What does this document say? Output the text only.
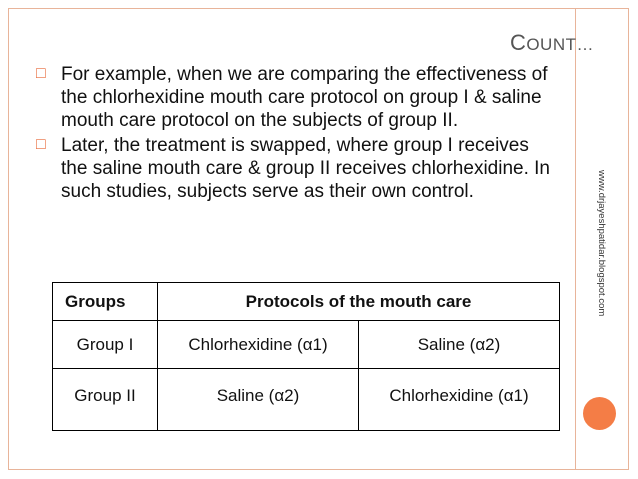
COUNT…
□ For example, when we are comparing the effectiveness of the chlorhexidine mouth care protocol on group I & saline mouth care protocol on the subjects of group II.
□ Later, the treatment is swapped, where group I receives the saline mouth care & group II receives chlorhexidine. In such studies, subjects serve as their own control.
Groups	Protocols of the mouth care	
Group I	Chlorhexidine (α1)	Saline (α2)
Group II	Saline (α2)	Chlorhexidine (α1)
www.drjayeshpatidar.blogspot.com
